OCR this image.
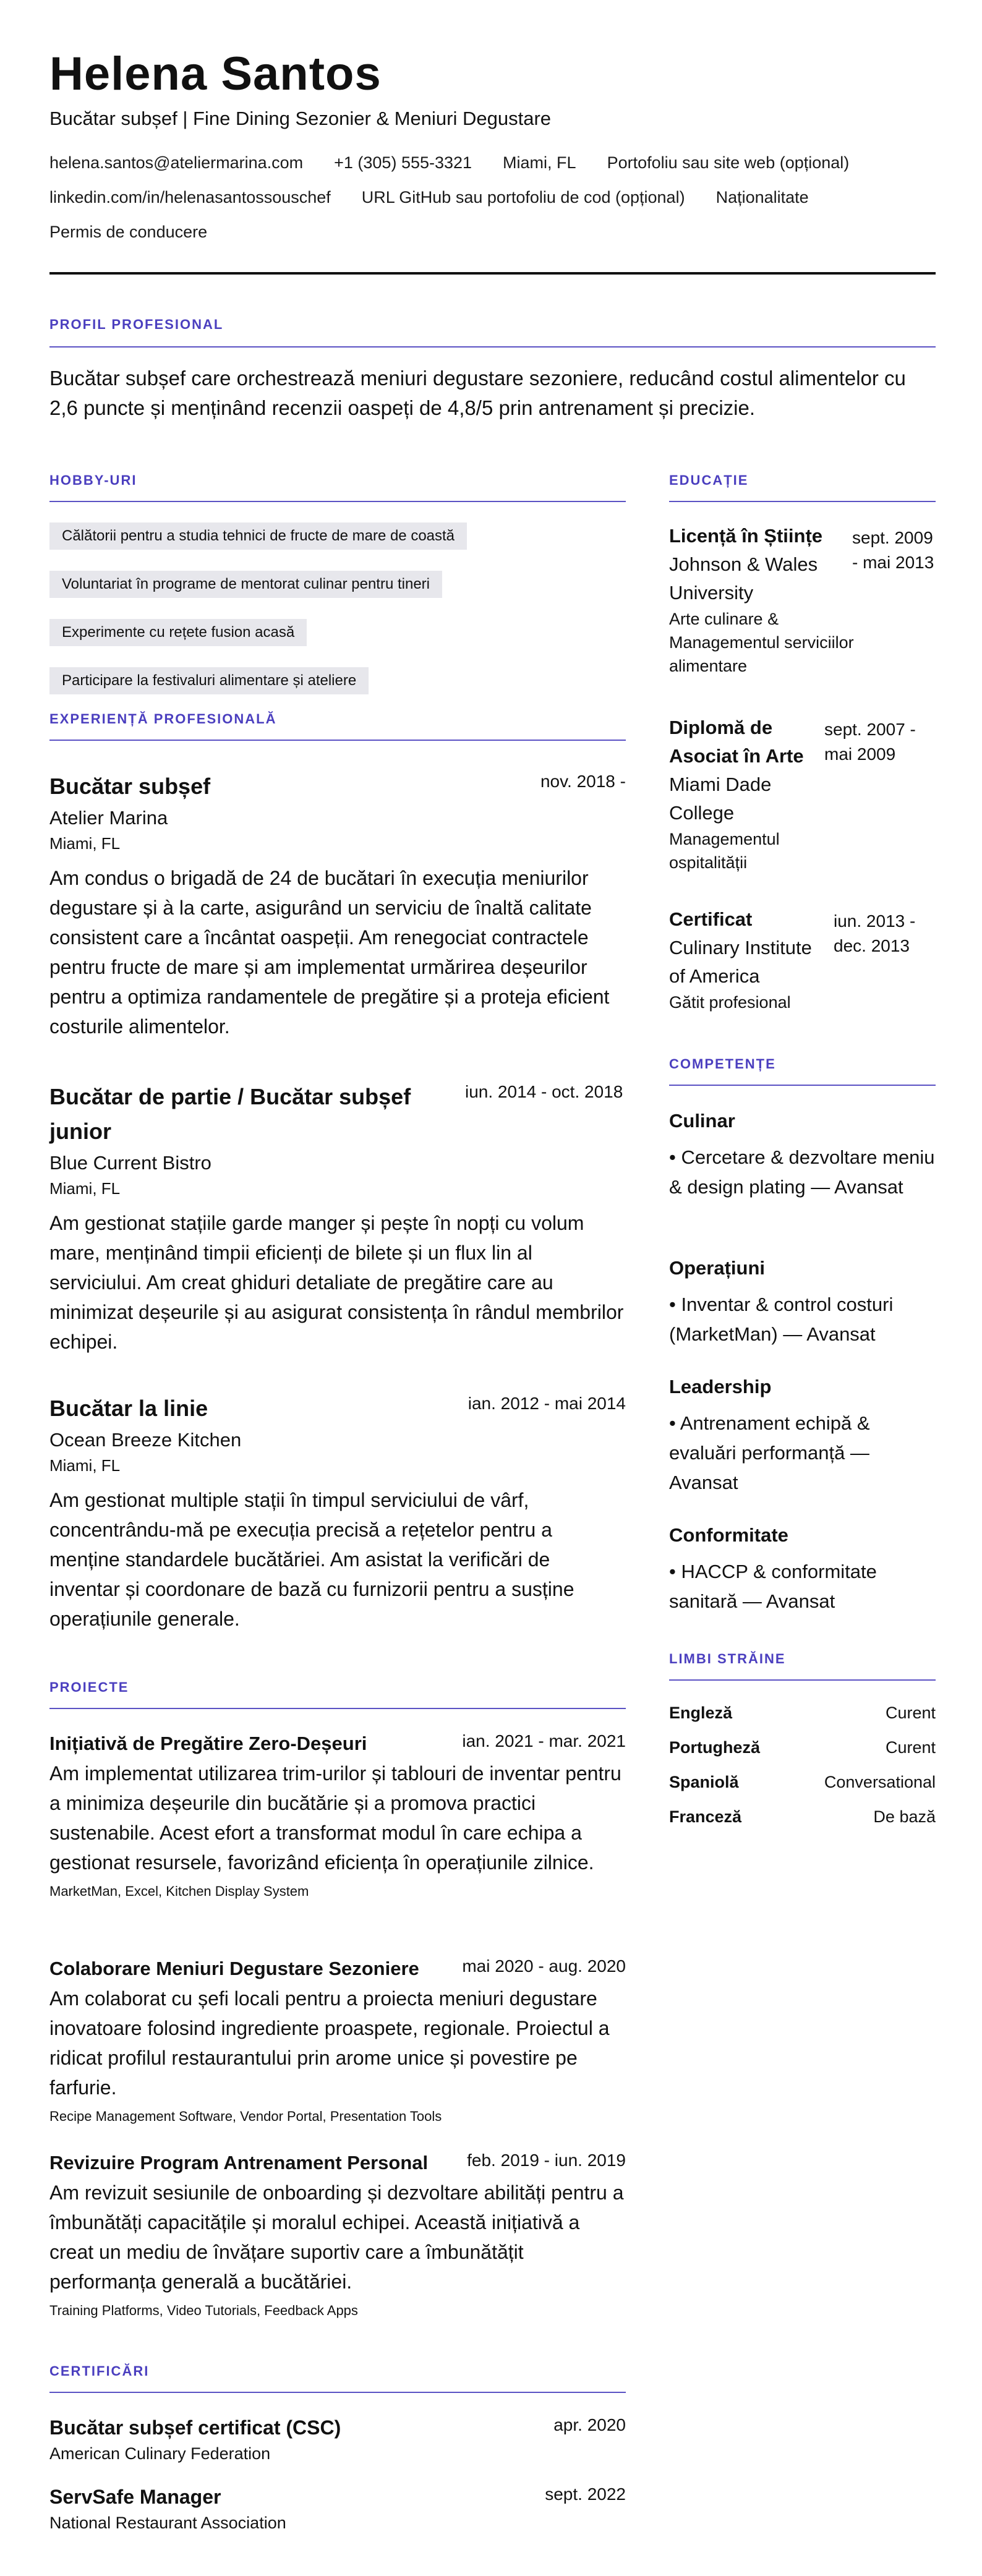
Helena Santos
Bucătar subșef | Fine Dining Sezonier & Meniuri Degustare
helena.santos@ateliermarina.com +1 (305) 555-3321 Miami, FL Portofoliu sau site web (opțional)
linkedin.com/in/helenasantossouschef URL GitHub sau portofoliu de cod (opțional) Naționalitate
Permis de conducere
PROFIL PROFESIONAL
Bucătar subșef care orchestrează meniuri degustare sezoniere, reducând costul alimentelor cu 2,6 puncte și menținând recenzii oaspeți de 4,8/5 prin antrenament și precizie.
HOBBY-URI
Călătorii pentru a studia tehnici de fructe de mare de coastă
Voluntariat în programe de mentorat culinar pentru tineri
Experimente cu rețete fusion acasă
Participare la festivaluri alimentare și ateliere
EXPERIENȚĂ PROFESIONALĂ
Bucătar subșef	nov. 2018 -
Atelier Marina
Miami, FL
Am condus o brigadă de 24 de bucătari în execuția meniurilor degustare și à la carte, asigurând un serviciu de înaltă calitate consistent care a încântat oaspeții. Am renegociat contractele pentru fructe de mare și am implementat urmărirea deșeurilor pentru a optimiza randamentele de pregătire și a proteja eficient costurile alimentelor.
Bucătar de partie / Bucătar subșef junior
iun. 2014 - oct. 2018
Blue Current Bistro
Miami, FL
Am gestionat stațiile garde manger și pește în nopți cu volum mare, menținând timpii eficienți de bilete și un flux lin al serviciului. Am creat ghiduri detaliate de pregătire care au minimizat deșeurile și au asigurat consistența în rândul membrilor echipei.
Bucătar la linie	ian. 2012 - mai 2014
Ocean Breeze Kitchen
Miami, FL
Am gestionat multiple stații în timpul serviciului de vârf, concentrându-mă pe execuția precisă a rețetelor pentru a menține standardele bucătăriei. Am asistat la verificări de inventar și coordonare de bază cu furnizorii pentru a susține operațiunile generale.
PROIECTE
Inițiativă de Pregătire Zero-Deșeuri	ian. 2021 - mar. 2021
Am implementat utilizarea trim-urilor și tablouri de inventar pentru a minimiza deșeurile din bucătărie și a promova practici sustenabile. Acest efort a transformat modul în care echipa a gestionat resursele, favorizând eficiența în operațiunile zilnice.
MarketMan, Excel, Kitchen Display System
Colaborare Meniuri Degustare Sezoniere	mai 2020 - aug. 2020
Am colaborat cu șefi locali pentru a proiecta meniuri degustare inovatoare folosind ingrediente proaspete, regionale. Proiectul a ridicat profilul restaurantului prin arome unice și povestire pe farfurie.
Recipe Management Software, Vendor Portal, Presentation Tools
Revizuire Program Antrenament Personal	feb. 2019 - iun. 2019
Am revizuit sesiunile de onboarding și dezvoltare abilități pentru a îmbunătăți capacitățile și moralul echipei. Această inițiativă a creat un mediu de învățare suportiv care a îmbunătățit performanța generală a bucătăriei.
Training Platforms, Video Tutorials, Feedback Apps
CERTIFICĂRI
Bucătar subșef certificat (CSC)	apr. 2020
American Culinary Federation
ServSafe Manager	sept. 2022
National Restaurant Association
EDUCAȚIE
Licență în Științe
Johnson & Wales University
Arte culinare & Managementul serviciilor alimentare
sept. 2009 - mai 2013
Diplomă de Asociat în Arte
Miami Dade College
Managementul ospitalității
sept. 2007 - mai 2009
Certificat
Culinary Institute of America
Gătit profesional
iun. 2013 - dec. 2013
COMPETENȚE
Culinar
• Cercetare & dezvoltare meniu & design plating — Avansat
Operațiuni
• Inventar & control costuri (MarketMan) — Avansat
Leadership
• Antrenament echipă & evaluări performanță — Avansat
Conformitate
• HACCP & conformitate sanitară — Avansat
LIMBI STRĂINE
Engleză	Curent
Portugheză	Curent
Spaniolă	Conversational
Franceză	De bază
